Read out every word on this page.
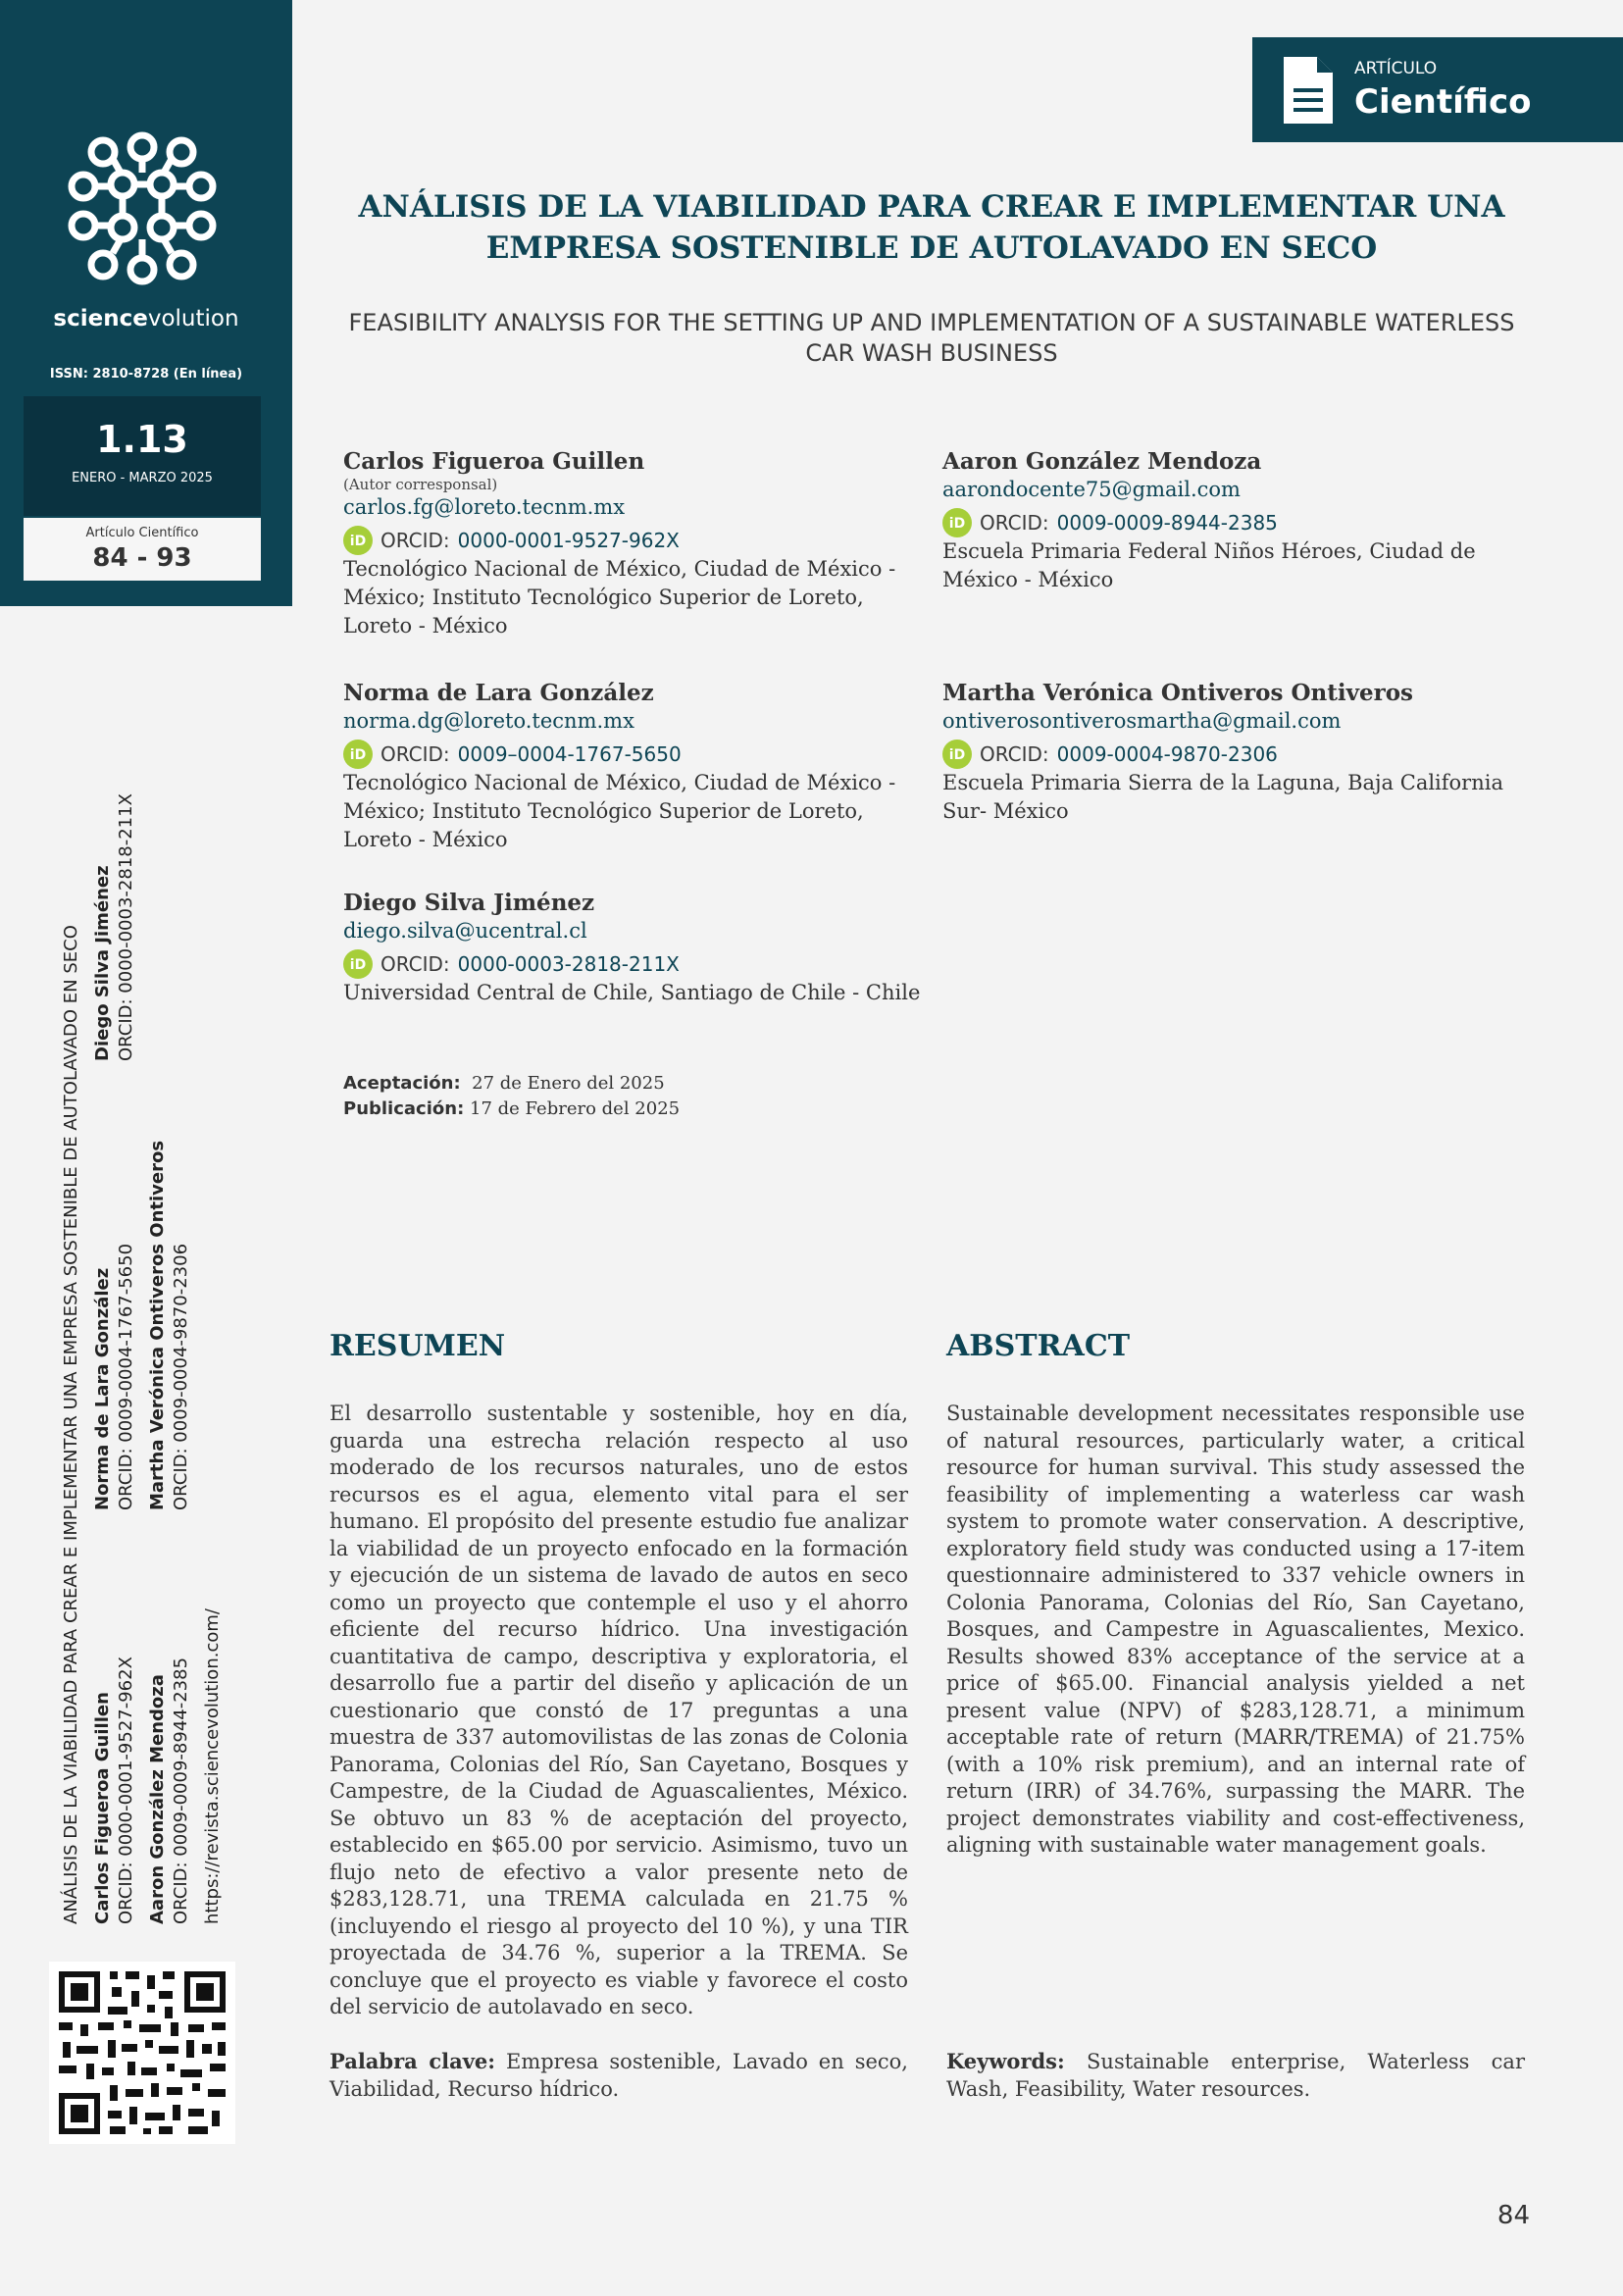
sciencevolution
ISSN: 2810-8728 (En línea)
1.13
ENERO - MARZO 2025
Artículo Científico
84 - 93
ARTÍCULO
Científico
ANÁLISIS DE LA VIABILIDAD PARA CREAR E IMPLEMENTAR UNA EMPRESA SOSTENIBLE DE AUTOLAVADO EN SECO

FEASIBILITY ANALYSIS FOR THE SETTING UP AND IMPLEMENTATION OF A SUSTAINABLE WATERLESS CAR WASH BUSINESS

Carlos Figueroa Guillen
(Autor corresponsal)
carlos.fg@loreto.tecnm.mx
iD ORCID: 0000-0001-9527-962X
Tecnológico Nacional de México, Ciudad de México - México; Instituto Tecnológico Superior de Loreto, Loreto - México
Aaron González Mendoza
aarondocente75@gmail.com
iD ORCID: 0009-0009-8944-2385
Escuela Primaria Federal Niños Héroes, Ciudad de México - México
Norma de Lara González
norma.dg@loreto.tecnm.mx
iD ORCID: 0009–0004-1767-5650
Tecnológico Nacional de México, Ciudad de México - México; Instituto Tecnológico Superior de Loreto, Loreto - México
Martha Verónica Ontiveros Ontiveros
ontiverosontiverosmartha@gmail.com
iD ORCID: 0009-0004-9870-2306
Escuela Primaria Sierra de la Laguna, Baja California Sur- México
Diego Silva Jiménez
diego.silva@ucentral.cl
iD ORCID: 0000-0003-2818-211X
Universidad Central de Chile, Santiago de Chile - Chile
Aceptación: 27 de Enero del 2025
Publicación: 17 de Febrero del 2025
ANÁLISIS DE LA VIABILIDAD PARA CREAR E IMPLEMENTAR UNA EMPRESA SOSTENIBLE DE AUTOLAVADO EN SECO Carlos Figueroa Guillen ORCID: 0000-0001-9527-962X Aaron González Mendoza ORCID: 0009-0009-8944-2385 https://revista.sciencevolution.com/
Norma de Lara González ORCID: 0009-0004-1767-5650 Martha Verónica Ontiveros Ontiveros ORCID: 0009-0004-9870-2306
Diego Silva Jiménez ORCID: 0000-0003-2818-211X
RESUMEN

El desarrollo sustentable y sostenible, hoy en día, guarda una estrecha relación respecto al uso moderado de los recursos naturales, uno de estos recursos es el agua, elemento vital para el ser humano. El propósito del presente estudio fue analizar la viabilidad de un proyecto enfocado en la formación y ejecución de un sistema de lavado de autos en seco como un proyecto que contemple el uso y el ahorro eficiente del recurso hídrico. Una investigación cuantitativa de campo, descriptiva y exploratoria, el desarrollo fue a partir del diseño y aplicación de un cuestionario que constó de 17 preguntas a una muestra de 337 automovilistas de las zonas de Colonia Panorama, Colonias del Río, San Cayetano, Bosques y Campestre, de la Ciudad de Aguascalientes, México. Se obtuvo un 83 % de aceptación del proyecto, establecido en $65.00 por servicio. Asimismo, tuvo un flujo neto de efectivo a valor presente neto de $283,128.71, una TREMA calculada en 21.75 % (incluyendo el riesgo al proyecto del 10 %), y una TIR proyectada de 34.76 %, superior a la TREMA. Se concluye que el proyecto es viable y favorece el costo del servicio de autolavado en seco.

Palabra clave: Empresa sostenible, Lavado en seco, Viabilidad, Recurso hídrico.

ABSTRACT

Sustainable development necessitates responsible use of natural resources, particularly water, a critical resource for human survival. This study assessed the feasibility of implementing a waterless car wash system to promote water conservation. A descriptive, exploratory field study was conducted using a 17-item questionnaire administered to 337 vehicle owners in Colonia Panorama, Colonias del Río, San Cayetano, Bosques, and Campestre in Aguascalientes, Mexico. Results showed 83% acceptance of the service at a price of $65.00. Financial analysis yielded a net present value (NPV) of $283,128.71, a minimum acceptable rate of return (MARR/TREMA) of 21.75% (with a 10% risk premium), and an internal rate of return (IRR) of 34.76%, surpassing the MARR. The project demonstrates viability and cost-effectiveness, aligning with sustainable water management goals.

Keywords: Sustainable enterprise, Waterless car Wash, Feasibility, Water resources.

84
